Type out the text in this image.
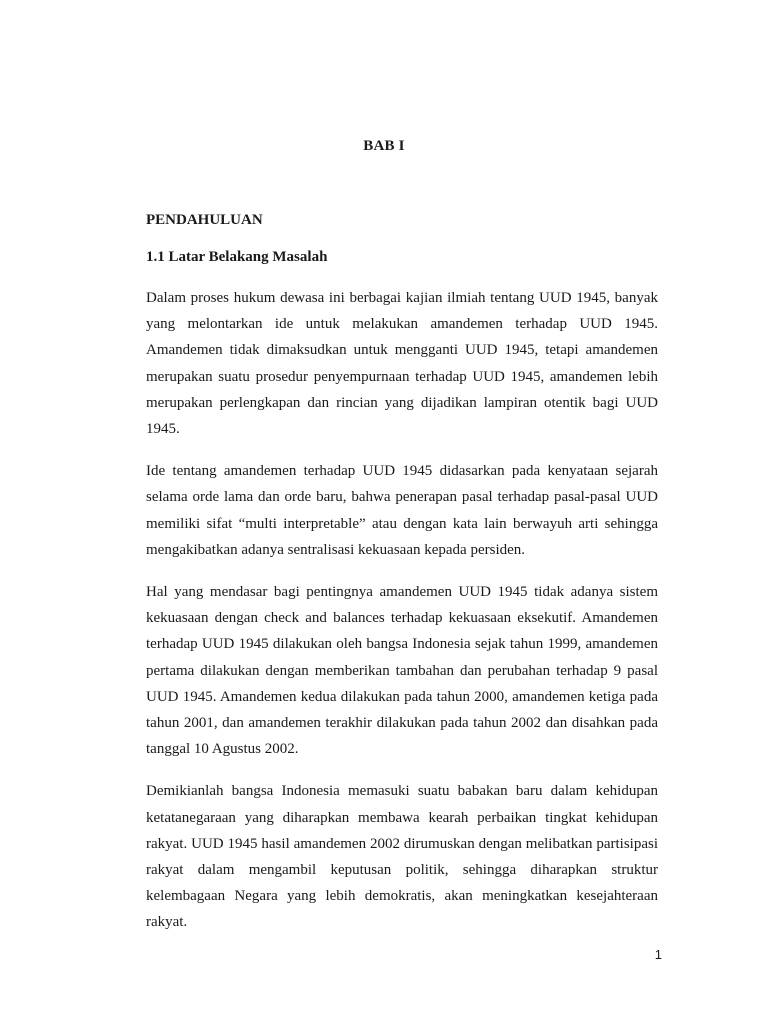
BAB I
PENDAHULUAN
1.1 Latar Belakang Masalah

Dalam proses hukum dewasa ini berbagai kajian ilmiah tentang UUD 1945, banyak yang melontarkan ide untuk melakukan amandemen terhadap UUD 1945. Amandemen tidak dimaksudkan untuk mengganti UUD 1945, tetapi amandemen merupakan suatu prosedur penyempurnaan terhadap UUD 1945, amandemen lebih merupakan perlengkapan dan rincian yang dijadikan lampiran otentik bagi UUD 1945.

Ide tentang amandemen terhadap UUD 1945 didasarkan pada kenyataan sejarah selama orde lama dan orde baru, bahwa penerapan pasal terhadap pasal-pasal UUD memiliki sifat “multi interpretable” atau dengan kata lain berwayuh arti sehingga mengakibatkan adanya sentralisasi kekuasaan kepada persiden.

Hal yang mendasar bagi pentingnya amandemen UUD 1945 tidak adanya sistem kekuasaan dengan check and balances terhadap kekuasaan eksekutif. Amandemen terhadap UUD 1945 dilakukan oleh bangsa Indonesia sejak tahun 1999, amandemen pertama dilakukan dengan memberikan tambahan dan perubahan terhadap 9 pasal UUD 1945. Amandemen kedua dilakukan pada tahun 2000, amandemen ketiga pada tahun 2001, dan amandemen terakhir dilakukan pada tahun 2002 dan disahkan pada tanggal 10 Agustus 2002.

Demikianlah bangsa Indonesia memasuki suatu babakan baru dalam kehidupan ketatanegaraan yang diharapkan membawa kearah perbaikan tingkat kehidupan rakyat. UUD 1945 hasil amandemen 2002 dirumuskan dengan melibatkan partisipasi rakyat dalam mengambil keputusan politik, sehingga diharapkan struktur kelembagaan Negara yang lebih demokratis, akan meningkatkan kesejahteraan rakyat.

1
